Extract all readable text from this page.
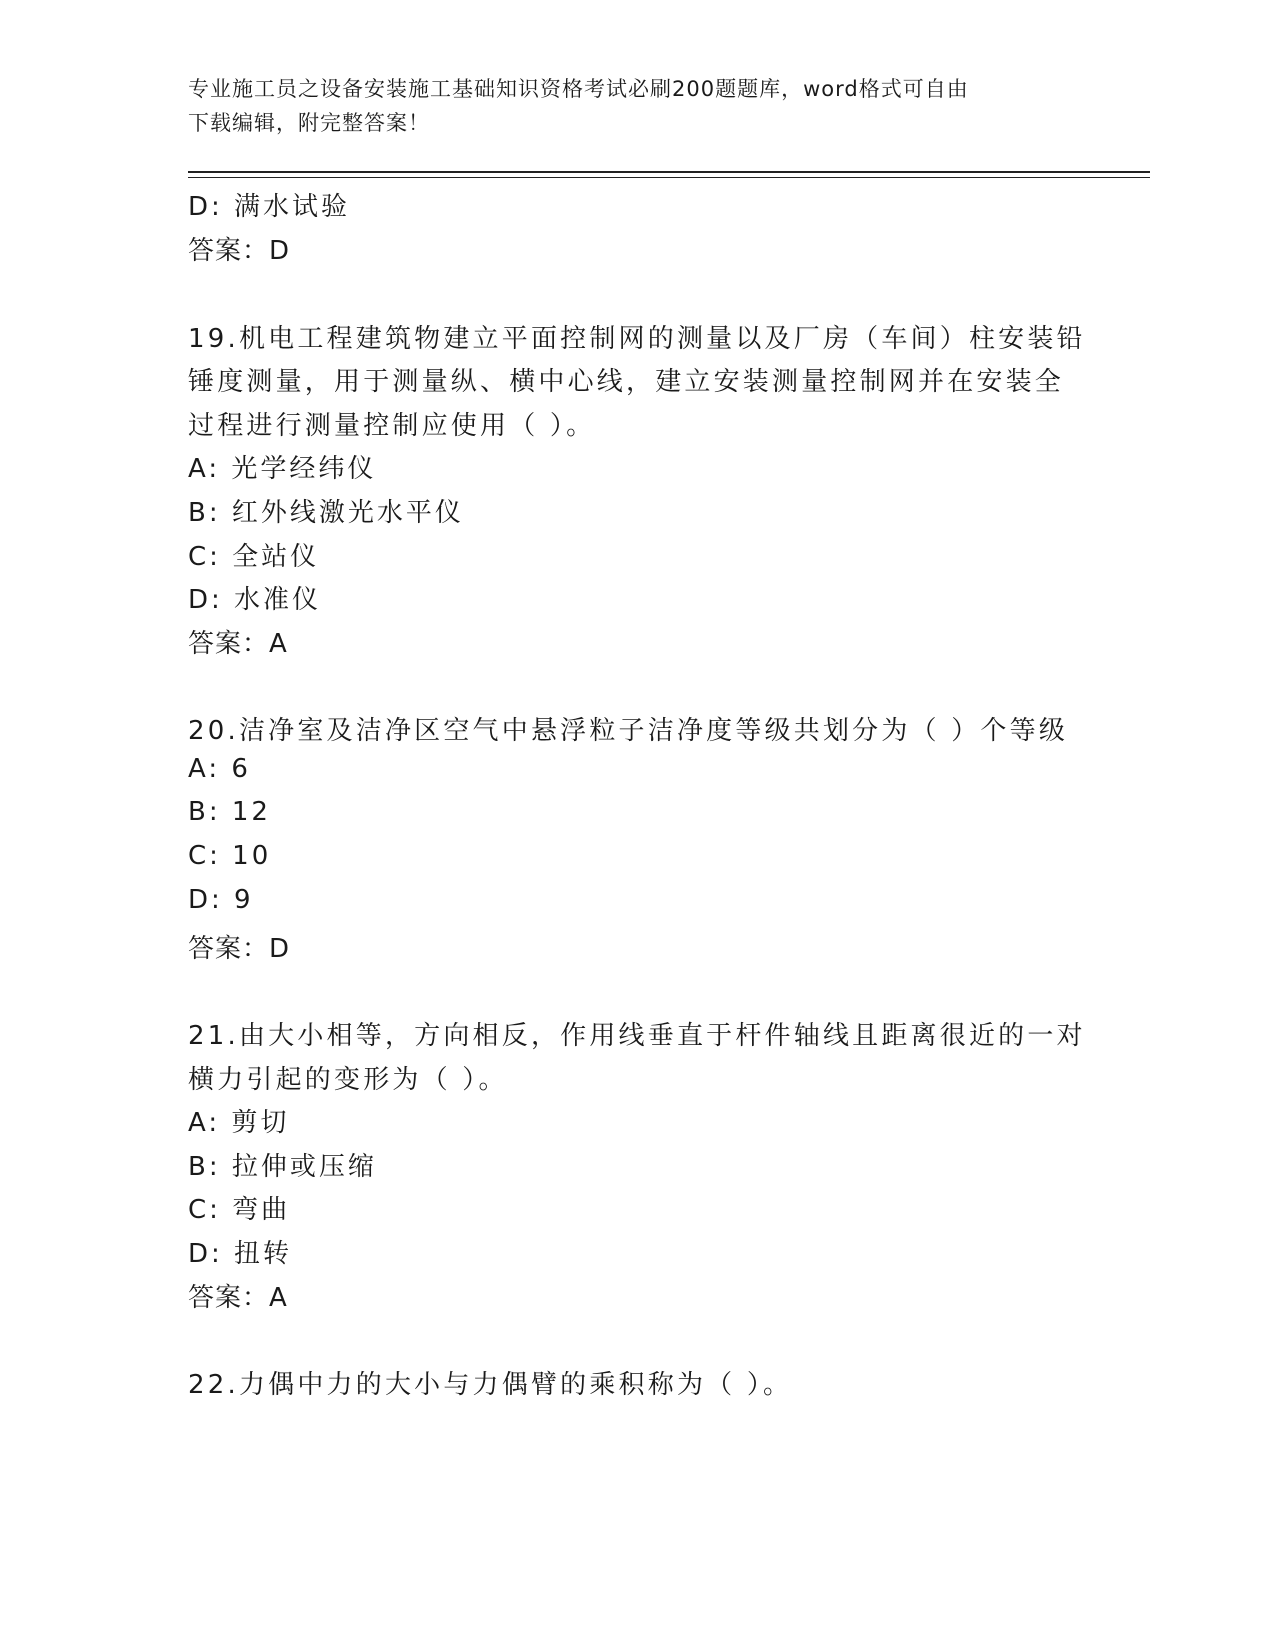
专业施工员之设备安装施工基础知识资格考试必刷200题题库，word格式可自由
下载编辑，附完整答案！
D: 满水试验
答案：D
19.机电工程建筑物建立平面控制网的测量以及厂房（车间）柱安装铅
锤度测量，用于测量纵、横中心线，建立安装测量控制网并在安装全
过程进行测量控制应使用（ ）。
A: 光学经纬仪
B: 红外线激光水平仪
C: 全站仪
D: 水准仪
答案：A
20.洁净室及洁净区空气中悬浮粒子洁净度等级共划分为（ ）个等级
A: 6
B: 12
C: 10
D: 9
答案：D
21.由大小相等，方向相反，作用线垂直于杆件轴线且距离很近的一对
横力引起的变形为（ ）。
A: 剪切
B: 拉伸或压缩
C: 弯曲
D: 扭转
答案：A
22.力偶中力的大小与力偶臂的乘积称为（ ）。
